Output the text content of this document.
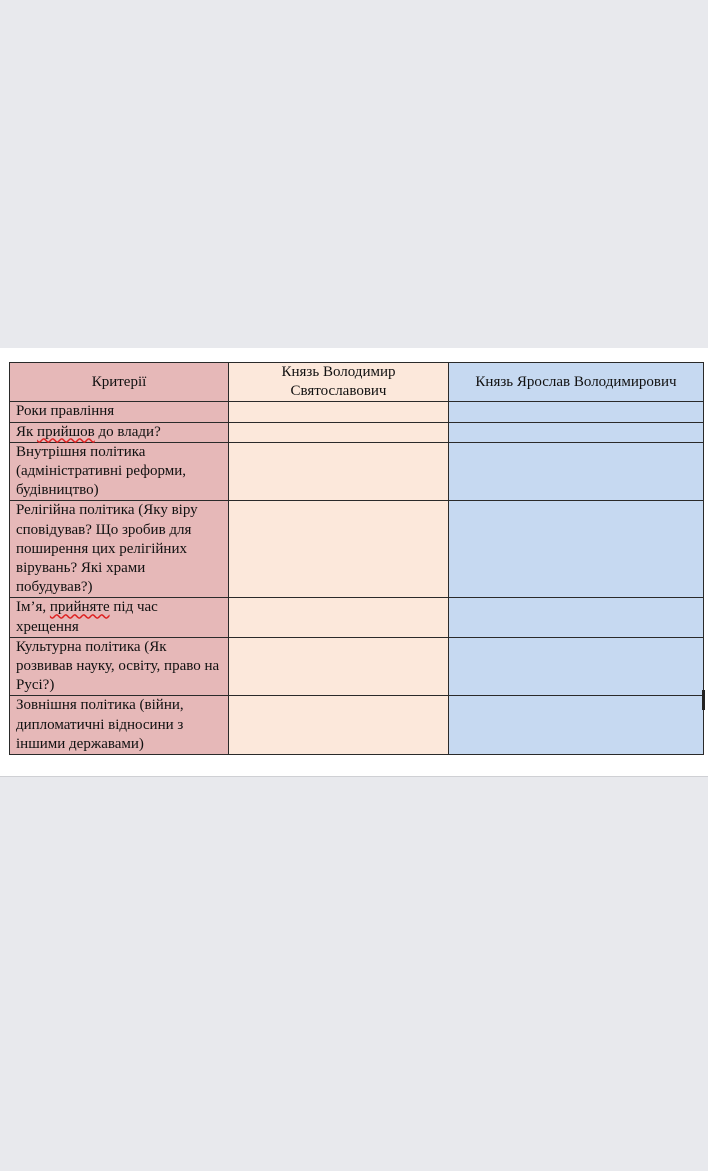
Критерії	Князь Володимир Святославович	Князь Ярослав Володимирович
Роки правління		
Як прийшов до влади?		
Внутрішня політика (адміністративні реформи, будівництво)		
Релігійна політика (Яку віру сповідував? Що зробив для поширення цих релігійних вірувань? Які храми побудував?)		
Ім’я, прийняте під час хрещення		
Культурна політика (Як розвивав науку, освіту, право на Русі?)		
Зовнішня політика (війни, дипломатичні відносини з іншими державами)		
